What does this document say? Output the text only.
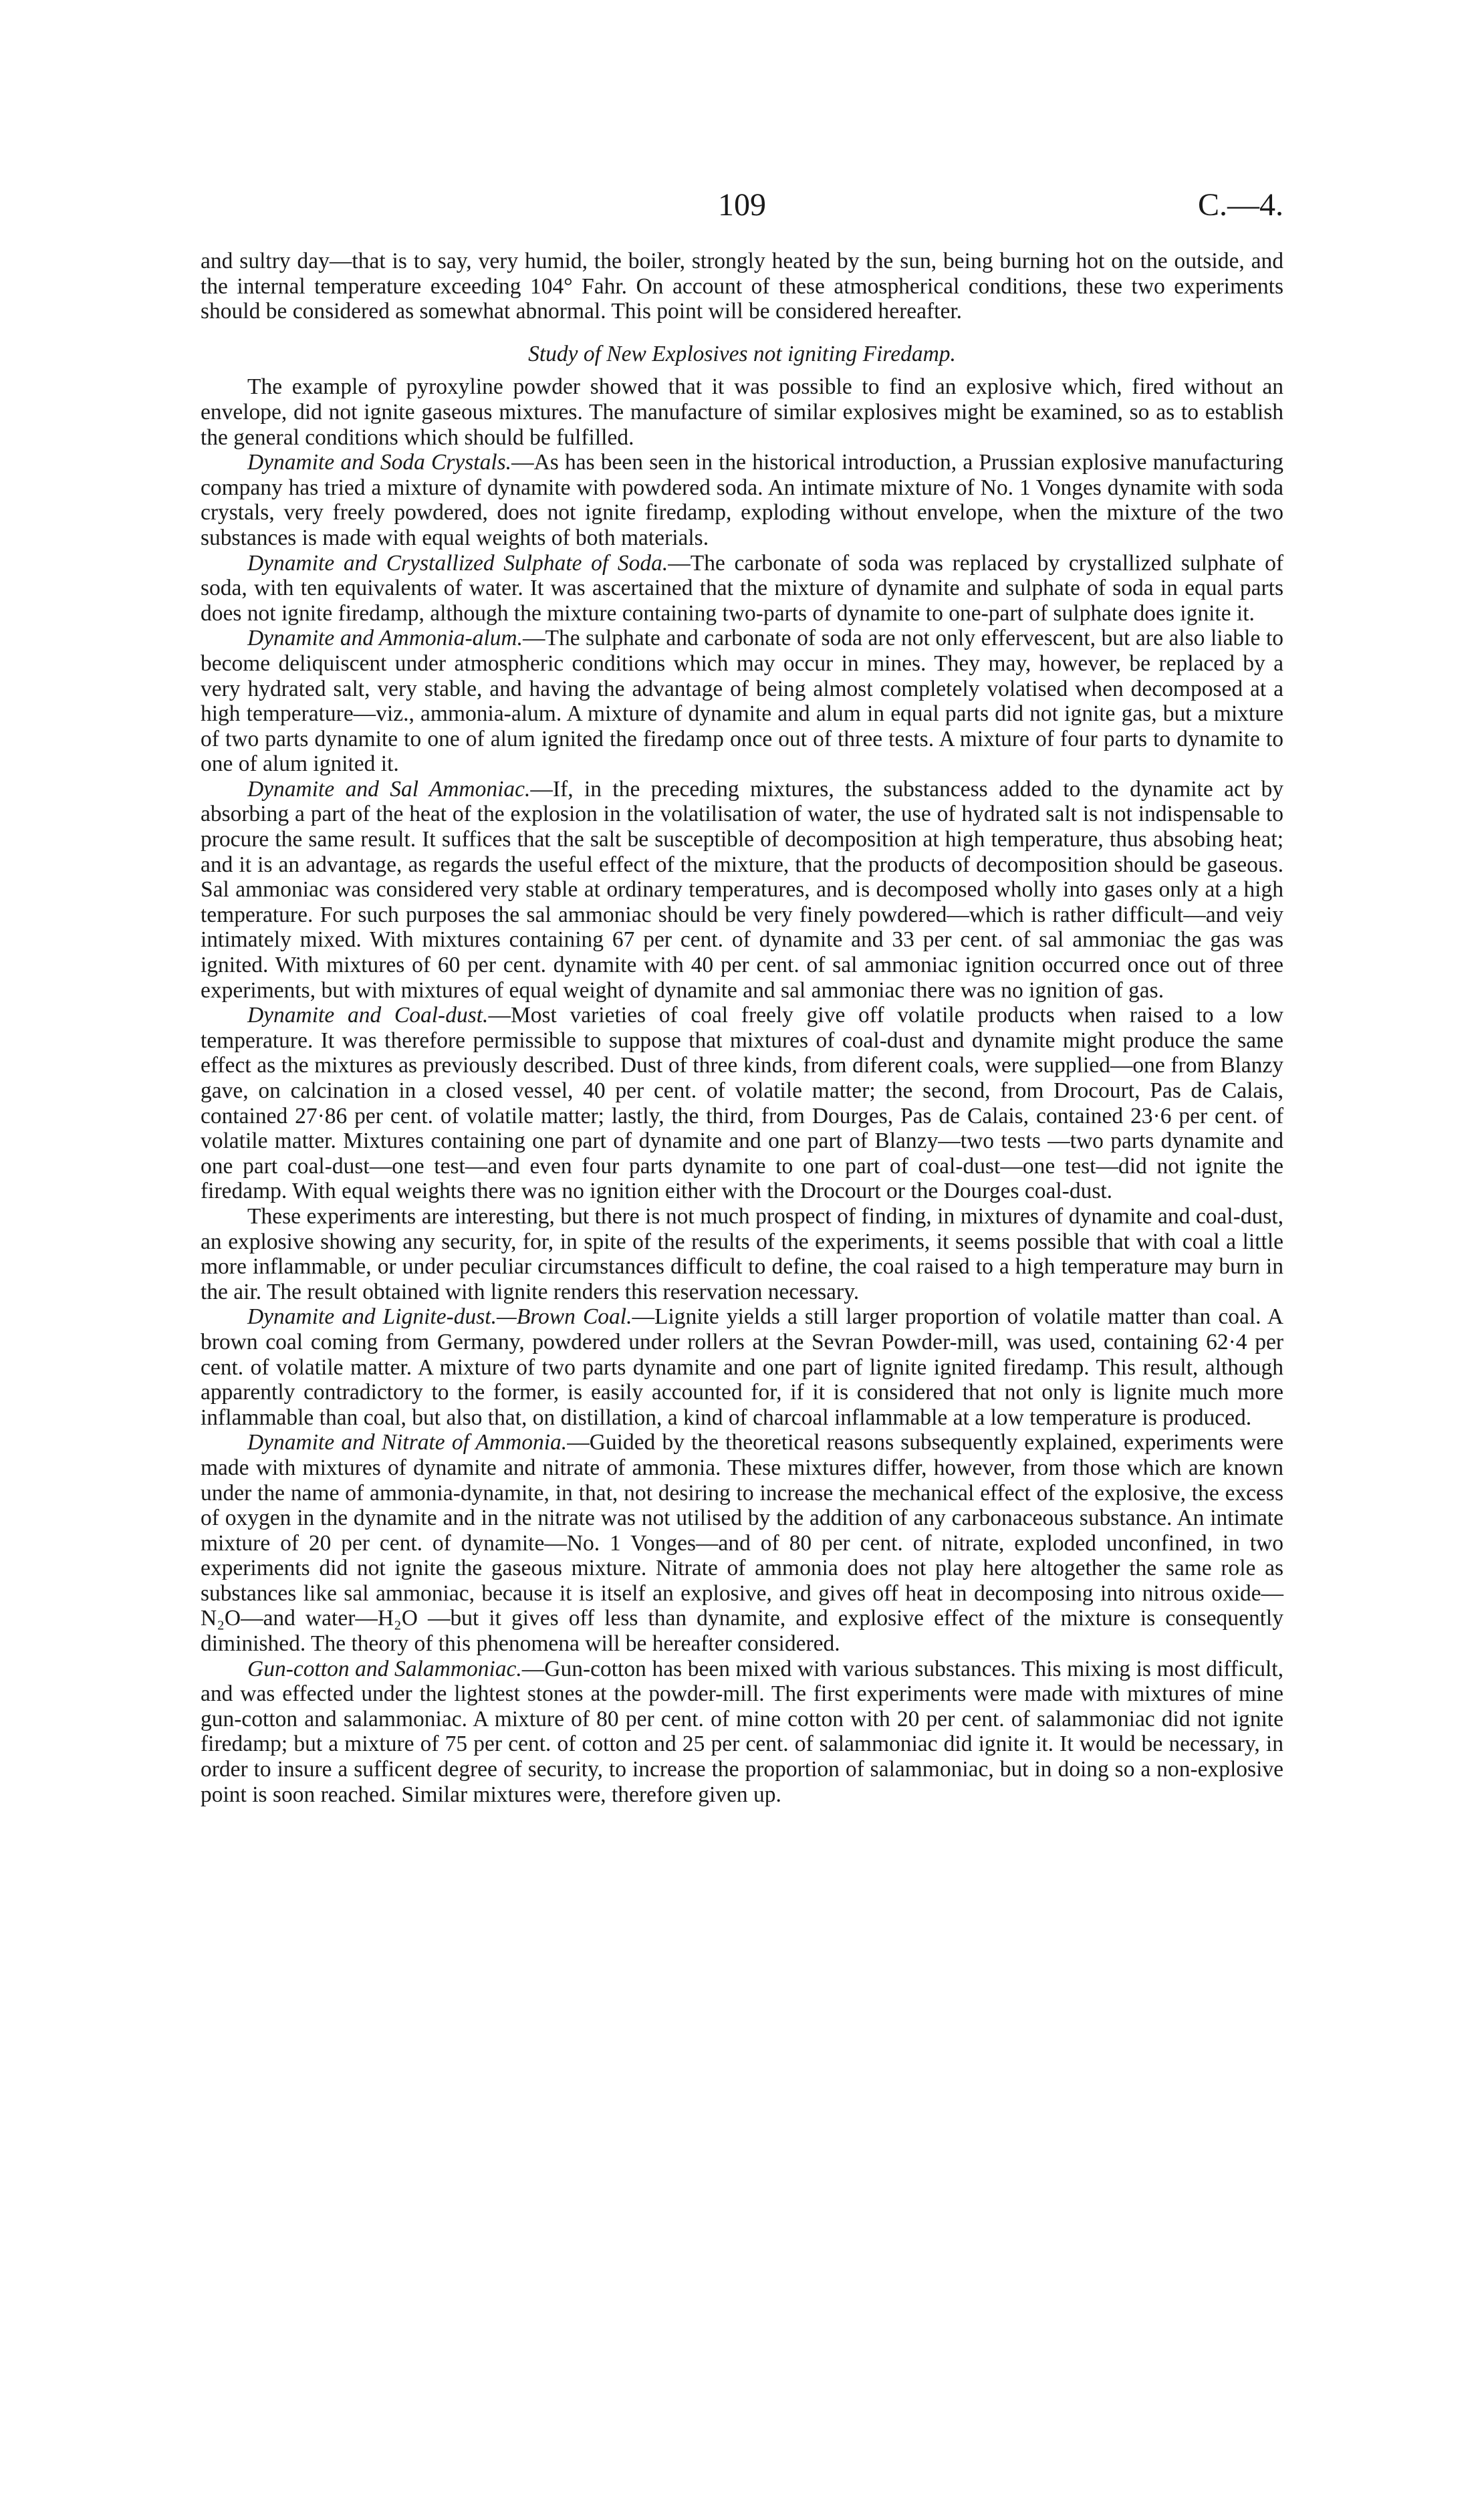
109	C.—4.

and sultry day—that is to say, very humid, the boiler, strongly heated by the sun, being burning hot on the outside, and the internal temperature exceeding 104° Fahr. On account of these atmospherical conditions, these two experiments should be considered as somewhat abnormal. This point will be considered hereafter.

Study of New Explosives not igniting Firedamp.

The example of pyroxyline powder showed that it was possible to find an explosive which, fired without an envelope, did not ignite gaseous mixtures. The manufacture of similar explosives might be examined, so as to establish the general conditions which should be fulfilled.

Dynamite and Soda Crystals.—As has been seen in the historical introduction, a Prussian explosive manufacturing company has tried a mixture of dynamite with powdered soda. An intimate mixture of No. 1 Vonges dynamite with soda crystals, very freely powdered, does not ignite firedamp, exploding without envelope, when the mixture of the two substances is made with equal weights of both materials.

Dynamite and Crystallized Sulphate of Soda.—The carbonate of soda was replaced by crystallized sulphate of soda, with ten equivalents of water. It was ascertained that the mixture of dynamite and sulphate of soda in equal parts does not ignite firedamp, although the mixture containing two-parts of dynamite to one-part of sulphate does ignite it.

Dynamite and Ammonia-alum.—The sulphate and carbonate of soda are not only effervescent, but are also liable to become deliquiscent under atmospheric conditions which may occur in mines. They may, however, be replaced by a very hydrated salt, very stable, and having the advantage of being almost completely volatised when decomposed at a high temperature—viz., ammonia-alum. A mixture of dynamite and alum in equal parts did not ignite gas, but a mixture of two parts dynamite to one of alum ignited the firedamp once out of three tests. A mixture of four parts to dynamite to one of alum ignited it.

Dynamite and Sal Ammoniac.—If, in the preceding mixtures, the substancess added to the dynamite act by absorbing a part of the heat of the explosion in the volatilisation of water, the use of hydrated salt is not indispensable to procure the same result. It suffices that the salt be susceptible of decomposition at high temperature, thus absobing heat; and it is an advantage, as regards the useful effect of the mixture, that the products of decomposition should be gaseous. Sal ammoniac was considered very stable at ordinary temperatures, and is decomposed wholly into gases only at a high temperature. For such purposes the sal ammoniac should be very finely powdered—which is rather difficult—and veiy intimately mixed. With mixtures containing 67 per cent. of dynamite and 33 per cent. of sal ammoniac the gas was ignited. With mixtures of 60 per cent. dynamite with 40 per cent. of sal ammoniac ignition occurred once out of three experiments, but with mixtures of equal weight of dynamite and sal ammoniac there was no ignition of gas.

Dynamite and Coal-dust.—Most varieties of coal freely give off volatile products when raised to a low temperature. It was therefore permissible to suppose that mixtures of coal-dust and dynamite might produce the same effect as the mixtures as previously described. Dust of three kinds, from diferent coals, were supplied—one from Blanzy gave, on calcination in a closed vessel, 40 per cent. of volatile matter; the second, from Drocourt, Pas de Calais, contained 27·86 per cent. of volatile matter; lastly, the third, from Dourges, Pas de Calais, contained 23·6 per cent. of volatile matter. Mixtures containing one part of dynamite and one part of Blanzy—two tests —two parts dynamite and one part coal-dust—one test—and even four parts dynamite to one part of coal-dust—one test—did not ignite the firedamp. With equal weights there was no ignition either with the Drocourt or the Dourges coal-dust.

These experiments are interesting, but there is not much prospect of finding, in mixtures of dynamite and coal-dust, an explosive showing any security, for, in spite of the results of the experiments, it seems possible that with coal a little more inflammable, or under peculiar circumstances difficult to define, the coal raised to a high temperature may burn in the air. The result obtained with lignite renders this reservation necessary.

Dynamite and Lignite-dust.—Brown Coal.—Lignite yields a still larger proportion of volatile matter than coal. A brown coal coming from Germany, powdered under rollers at the Sevran Powder-mill, was used, containing 62·4 per cent. of volatile matter. A mixture of two parts dynamite and one part of lignite ignited firedamp. This result, although apparently contradictory to the former, is easily accounted for, if it is considered that not only is lignite much more inflammable than coal, but also that, on distillation, a kind of charcoal inflammable at a low temperature is produced.

Dynamite and Nitrate of Ammonia.—Guided by the theoretical reasons subsequently explained, experiments were made with mixtures of dynamite and nitrate of ammonia. These mixtures differ, however, from those which are known under the name of ammonia-dynamite, in that, not desiring to increase the mechanical effect of the explosive, the excess of oxygen in the dynamite and in the nitrate was not utilised by the addition of any carbonaceous substance. An intimate mixture of 20 per cent. of dynamite—No. 1 Vonges—and of 80 per cent. of nitrate, exploded unconfined, in two experiments did not ignite the gaseous mixture. Nitrate of ammonia does not play here altogether the same role as substances like sal ammoniac, because it is itself an explosive, and gives off heat in decomposing into nitrous oxide—N₂O—and water—H₂O —but it gives off less than dynamite, and explosive effect of the mixture is consequently diminished. The theory of this phenomena will be hereafter considered.

Gun-cotton and Salammoniac.—Gun-cotton has been mixed with various substances. This mixing is most difficult, and was effected under the lightest stones at the powder-mill. The first experiments were made with mixtures of mine gun-cotton and salammoniac. A mixture of 80 per cent. of mine cotton with 20 per cent. of salammoniac did not ignite firedamp; but a mixture of 75 per cent. of cotton and 25 per cent. of salammoniac did ignite it. It would be necessary, in order to insure a sufficent degree of security, to increase the proportion of salammoniac, but in doing so a non-explosive point is soon reached. Similar mixtures were, therefore given up.
